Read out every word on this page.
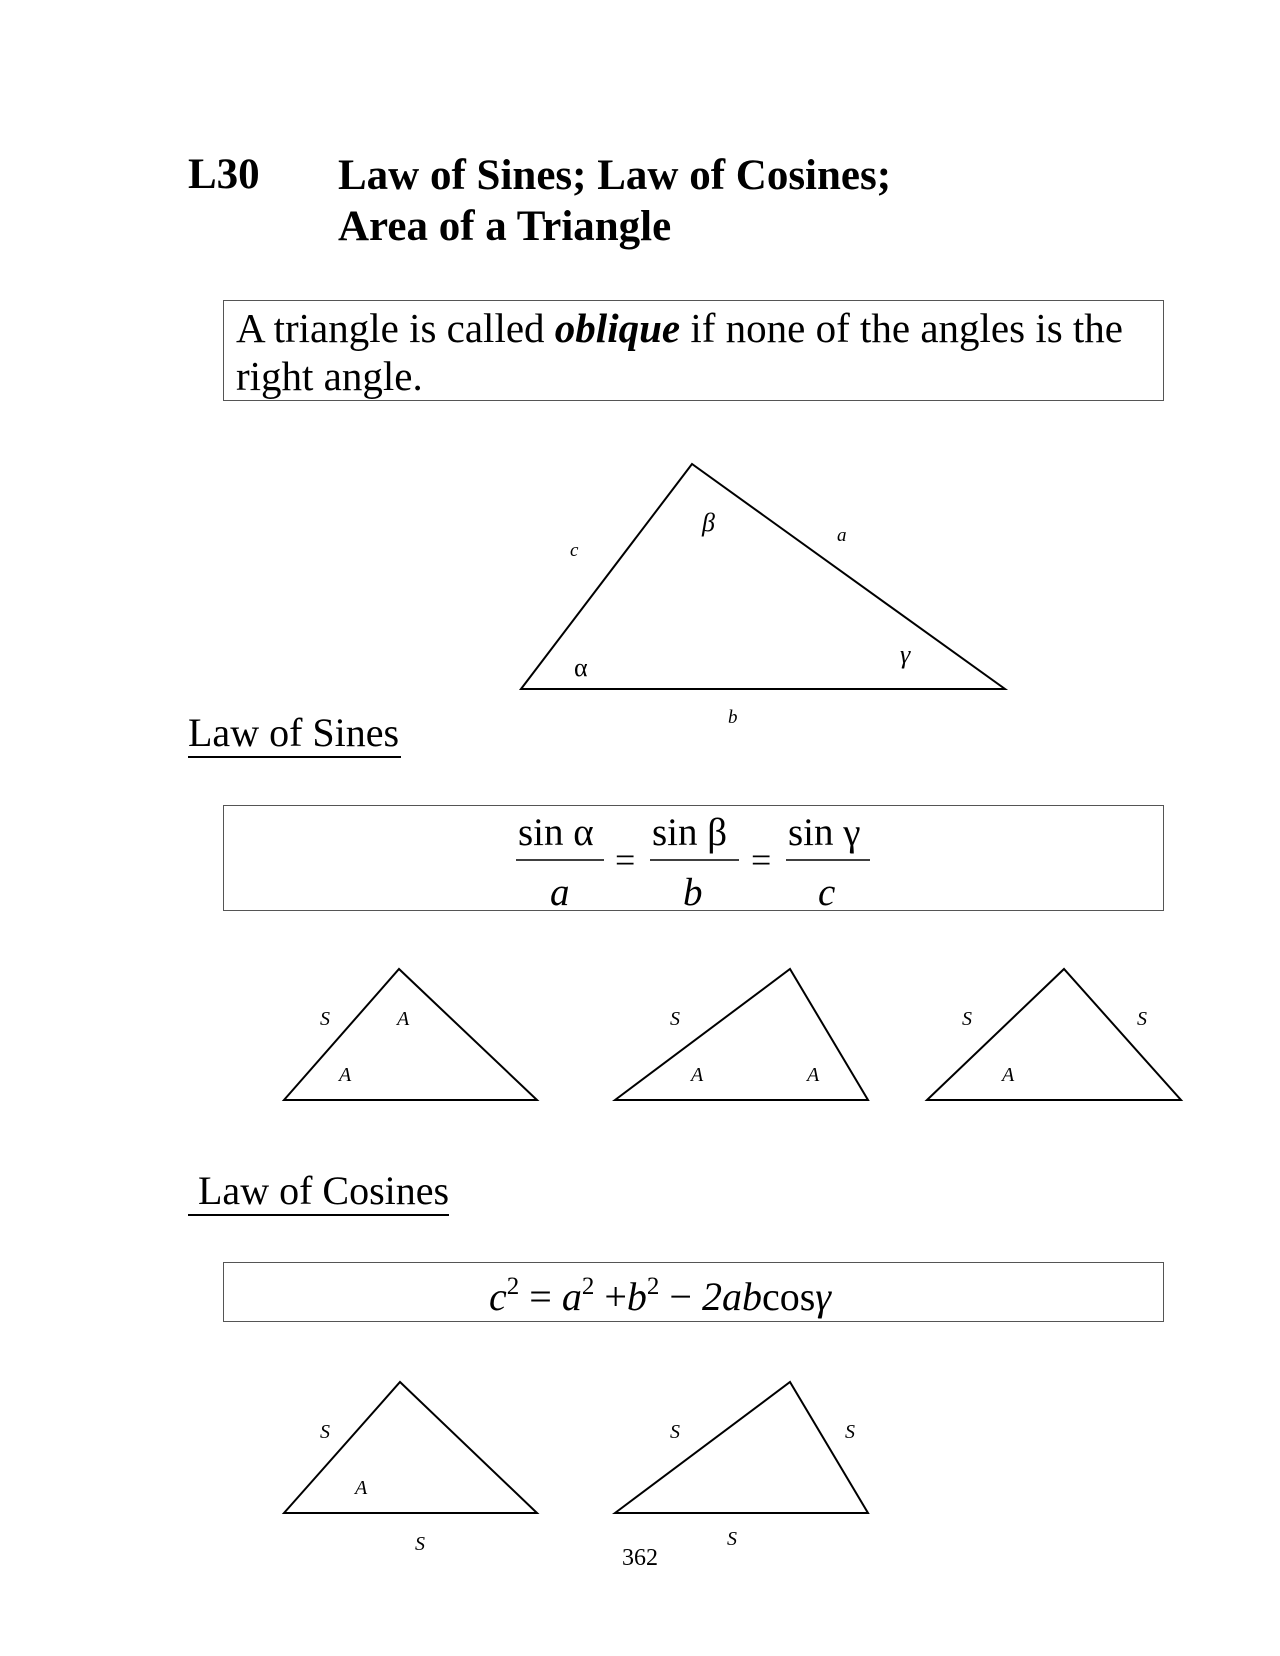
L30 Law of Sines; Law of Cosines;
Area of a Triangle
A triangle is called oblique if none of the angles is the right angle.
Law of Sines
Law of Cosines
c
a
b
α
β
γ
sin α
a
=
sin β
b
=
sin γ
c
S	A
A
S
A	A
S	S
A
$c^2 = a^2 +b^2 - 2abcos\gamma$
S
A
S
S	S
S
362
